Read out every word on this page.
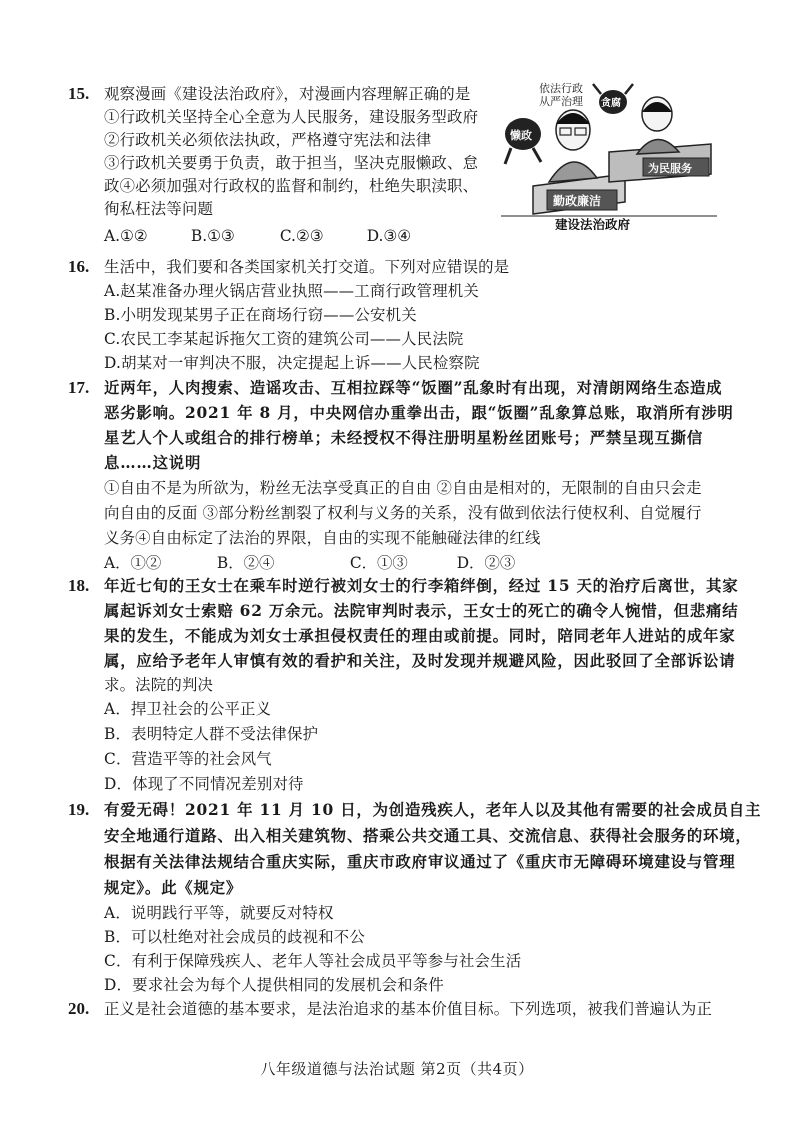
15. 观察漫画《建设法治政府》，对漫画内容理解正确的是
①行政机关坚持全心全意为人民服务，建设服务型政府
②行政机关必须依法执政，严格遵守宪法和法律
③行政机关要勇于负责，敢于担当，坚决克服懒政、怠
政④必须加强对行政权的监督和制约，杜绝失职渎职、
徇私枉法等问题
A.①②	B.①③	C.②③	D.③④
懒政
贪腐
依法行政
从严治理
勤政廉洁
为民服务
建设法治政府
16. 生活中，我们要和各类国家机关打交道。下列对应错误的是
A.赵某准备办理火锅店营业执照——工商行政管理机关
B.小明发现某男子正在商场行窃——公安机关
C.农民工李某起诉拖欠工资的建筑公司——人民法院
D.胡某对一审判决不服，决定提起上诉——人民检察院
17. 近两年，人肉搜索、造谣攻击、互相拉踩等“饭圈”乱象时有出现，对清朗网络生态造成
恶劣影响。2021 年 8 月，中央网信办重拳出击，跟“饭圈”乱象算总账，取消所有涉明
星艺人个人或组合的排行榜单；未经授权不得注册明星粉丝团账号；严禁呈现互撕信
息……这说明
①自由不是为所欲为，粉丝无法享受真正的自由 ②自由是相对的，无限制的自由只会走
向自由的反面 ③部分粉丝割裂了权利与义务的关系，没有做到依法行使权利、自觉履行
义务④自由标定了法治的界限，自由的实现不能触碰法律的红线
A．①②	B．②④	C．①③	D．②③
18. 年近七旬的王女士在乘车时逆行被刘女士的行李箱绊倒，经过 15 天的治疗后离世，其家
属起诉刘女士索赔 62 万余元。法院审判时表示，王女士的死亡的确令人惋惜，但悲痛结
果的发生，不能成为刘女士承担侵权责任的理由或前提。同时，陪同老年人进站的成年家
属，应给予老年人审慎有效的看护和关注，及时发现并规避风险，因此驳回了全部诉讼请
求。法院的判决
A．捍卫社会的公平正义
B．表明特定人群不受法律保护
C．营造平等的社会风气
D．体现了不同情况差别对待
19. 有爱无碍！2021 年 11 月 10 日，为创造残疾人，老年人以及其他有需要的社会成员自主
安全地通行道路、出入相关建筑物、搭乘公共交通工具、交流信息、获得社会服务的环境，
根据有关法律法规结合重庆实际，重庆市政府审议通过了《重庆市无障碍环境建设与管理
规定》。此《规定》
A．说明践行平等，就要反对特权
B．可以杜绝对社会成员的歧视和不公
C．有利于保障残疾人、老年人等社会成员平等参与社会生活
D．要求社会为每个人提供相同的发展机会和条件
20. 正义是社会道德的基本要求，是法治追求的基本价值目标。下列选项，被我们普遍认为正
八年级道德与法治试题 第2页（共4页）
